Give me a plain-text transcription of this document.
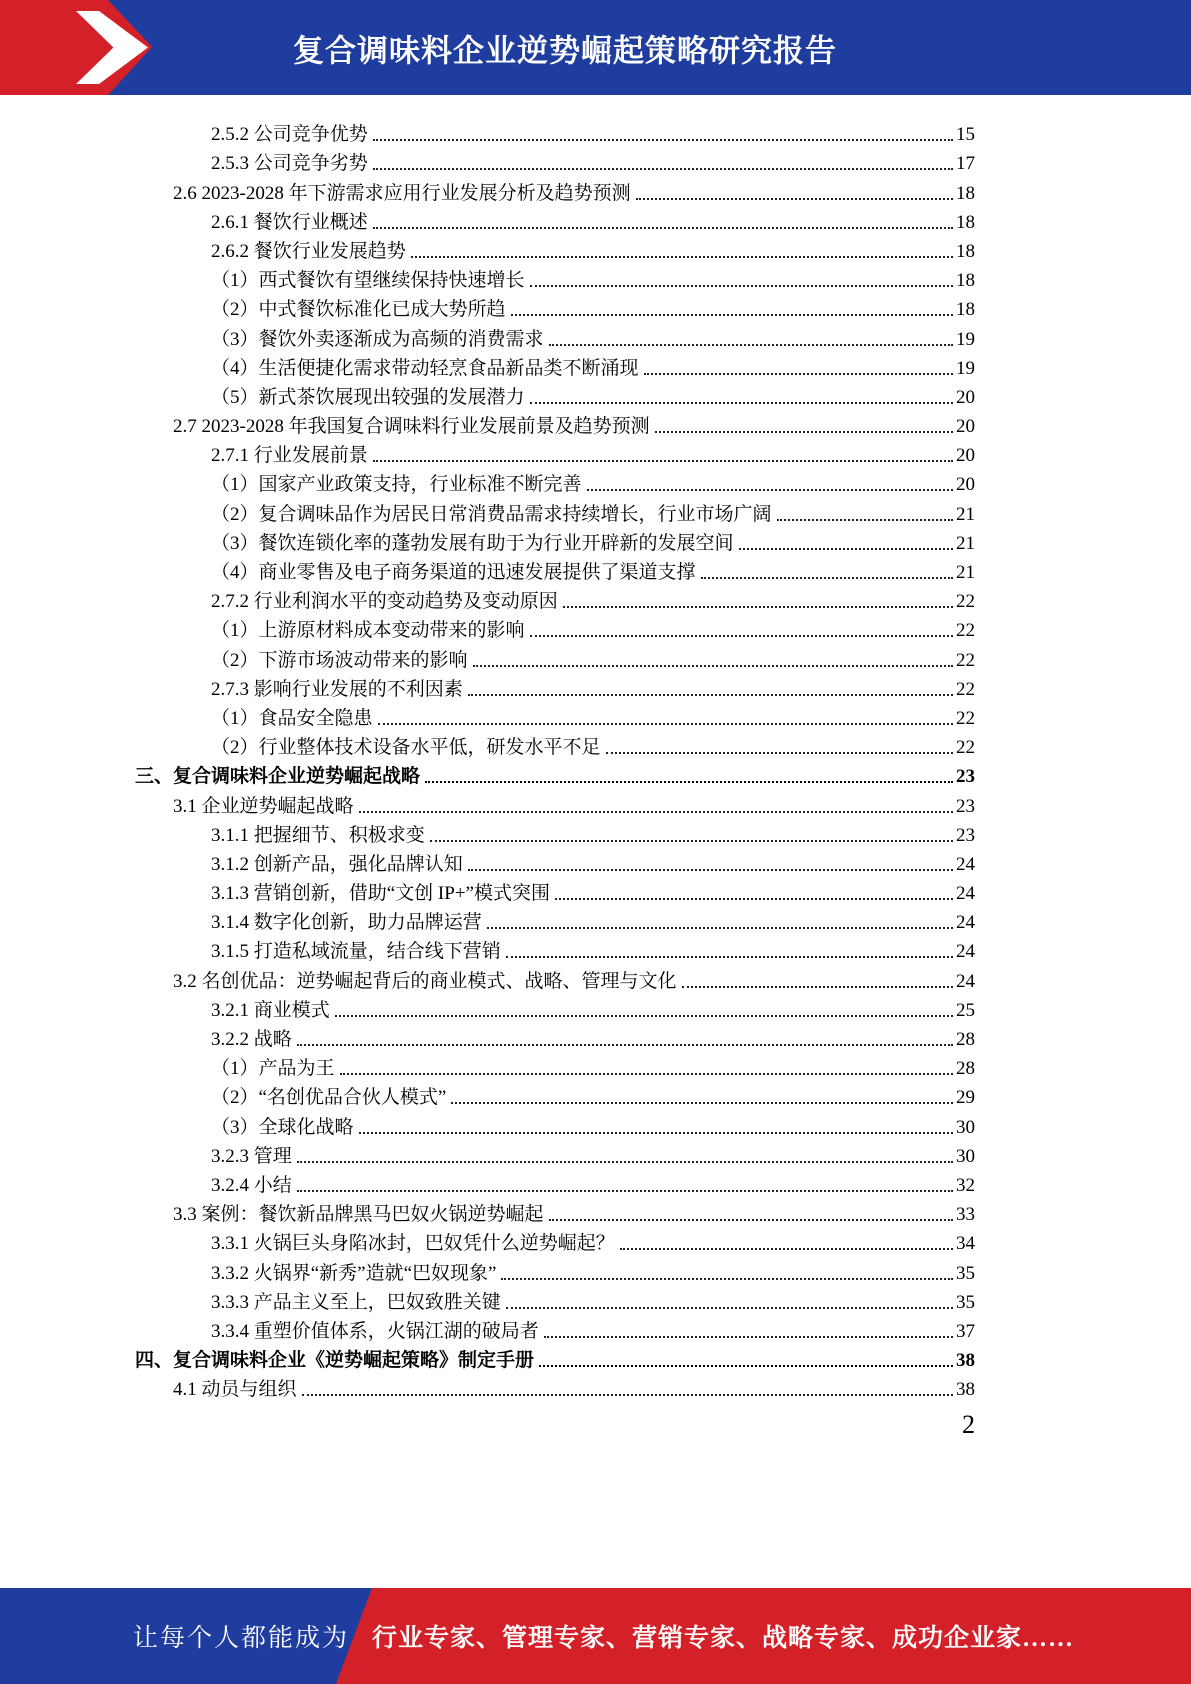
复合调味料企业逆势崛起策略研究报告
2.5.2 公司竞争优势	15
2.5.3 公司竞争劣势	17
2.6 2023-2028 年下游需求应用行业发展分析及趋势预测	18
2.6.1 餐饮行业概述	18
2.6.2 餐饮行业发展趋势	18
（1）西式餐饮有望继续保持快速增长	18
（2）中式餐饮标准化已成大势所趋	18
（3）餐饮外卖逐渐成为高频的消费需求	19
（4）生活便捷化需求带动轻烹食品新品类不断涌现	19
（5）新式茶饮展现出较强的发展潜力	20
2.7 2023-2028 年我国复合调味料行业发展前景及趋势预测	20
2.7.1 行业发展前景	20
（1）国家产业政策支持，行业标准不断完善	20
（2）复合调味品作为居民日常消费品需求持续增长，行业市场广阔	21
（3）餐饮连锁化率的蓬勃发展有助于为行业开辟新的发展空间	21
（4）商业零售及电子商务渠道的迅速发展提供了渠道支撑	21
2.7.2 行业利润水平的变动趋势及变动原因	22
（1）上游原材料成本变动带来的影响	22
（2）下游市场波动带来的影响	22
2.7.3 影响行业发展的不利因素	22
（1）食品安全隐患	22
（2）行业整体技术设备水平低，研发水平不足	22
三、复合调味料企业逆势崛起战略	23
3.1 企业逆势崛起战略	23
3.1.1 把握细节、积极求变	23
3.1.2 创新产品，强化品牌认知	24
3.1.3 营销创新，借助“文创 IP+”模式突围	24
3.1.4 数字化创新，助力品牌运营	24
3.1.5 打造私域流量，结合线下营销	24
3.2 名创优品：逆势崛起背后的商业模式、战略、管理与文化	24
3.2.1 商业模式	25
3.2.2 战略	28
（1）产品为王	28
（2）“名创优品合伙人模式”	29
（3）全球化战略	30
3.2.3 管理	30
3.2.4 小结	32
3.3 案例：餐饮新品牌黑马巴奴火锅逆势崛起	33
3.3.1 火锅巨头身陷冰封，巴奴凭什么逆势崛起？	34
3.3.2 火锅界“新秀”造就“巴奴现象”	35
3.3.3 产品主义至上，巴奴致胜关键	35
3.3.4 重塑价值体系，火锅江湖的破局者	37
四、复合调味料企业《逆势崛起策略》制定手册	38
4.1 动员与组织	38
2
让每个人都能成为 行业专家、管理专家、营销专家、战略专家、成功企业家……
